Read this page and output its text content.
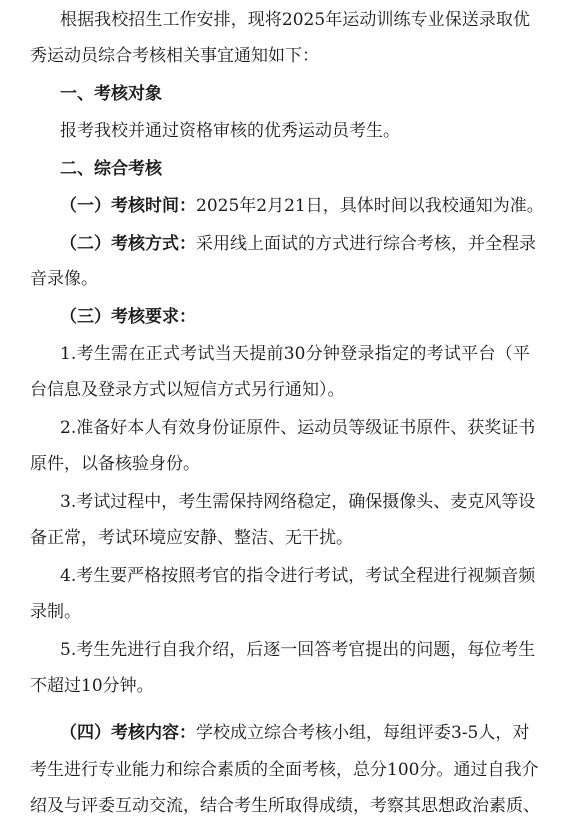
根据我校招生工作安排，现将2025年运动训练专业保送录取优
秀运动员综合考核相关事宜通知如下：
一、考核对象
报考我校并通过资格审核的优秀运动员考生。
二、综合考核
（一）考核时间：2025年2月21日，具体时间以我校通知为准。
（二）考核方式：采用线上面试的方式进行综合考核，并全程录
音录像。
（三）考核要求：
1.考生需在正式考试当天提前30分钟登录指定的考试平台（平
台信息及登录方式以短信方式另行通知）。
2.准备好本人有效身份证原件、运动员等级证书原件、获奖证书
原件，以备核验身份。
3.考试过程中，考生需保持网络稳定，确保摄像头、麦克风等设
备正常，考试环境应安静、整洁、无干扰。
4.考生要严格按照考官的指令进行考试，考试全程进行视频音频
录制。
5.考生先进行自我介绍，后逐一回答考官提出的问题，每位考生
不超过10分钟。
（四）考核内容：学校成立综合考核小组，每组评委3-5人，对
考生进行专业能力和综合素质的全面考核，总分100分。通过自我介
绍及与评委互动交流，结合考生所取得成绩，考察其思想政治素质、
